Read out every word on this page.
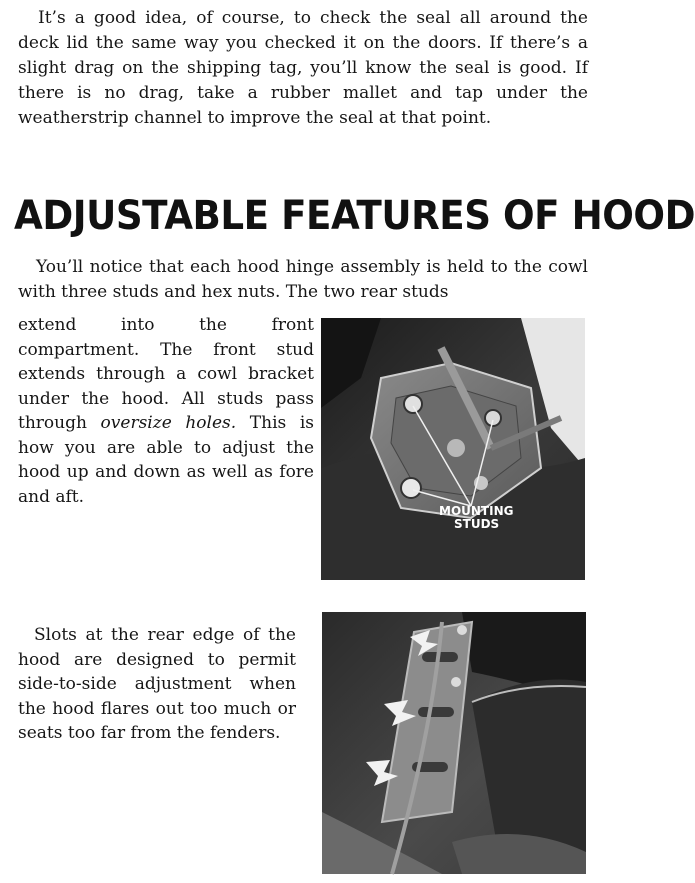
It’s a good idea, of course, to check the seal all around the deck lid the same way you checked it on the doors. If there’s a slight drag on the shipping tag, you’ll know the seal is good. If there is no drag, take a rubber mallet and tap under the weatherstrip channel to improve the seal at that point.

ADJUSTABLE FEATURES OF HOOD

You’ll notice that each hood hinge assembly is held to the cowl with three studs and hex nuts. The two rear studs

extend into the front compartment. The front stud extends through a cowl bracket under the hood. All studs pass through oversize holes. This is how you are able to adjust the hood up and down as well as fore and aft.

MOUNTING
STUDS

Slots at the rear edge of the hood are designed to permit side-to-side adjustment when the hood flares out too much or seats too far from the fenders.
